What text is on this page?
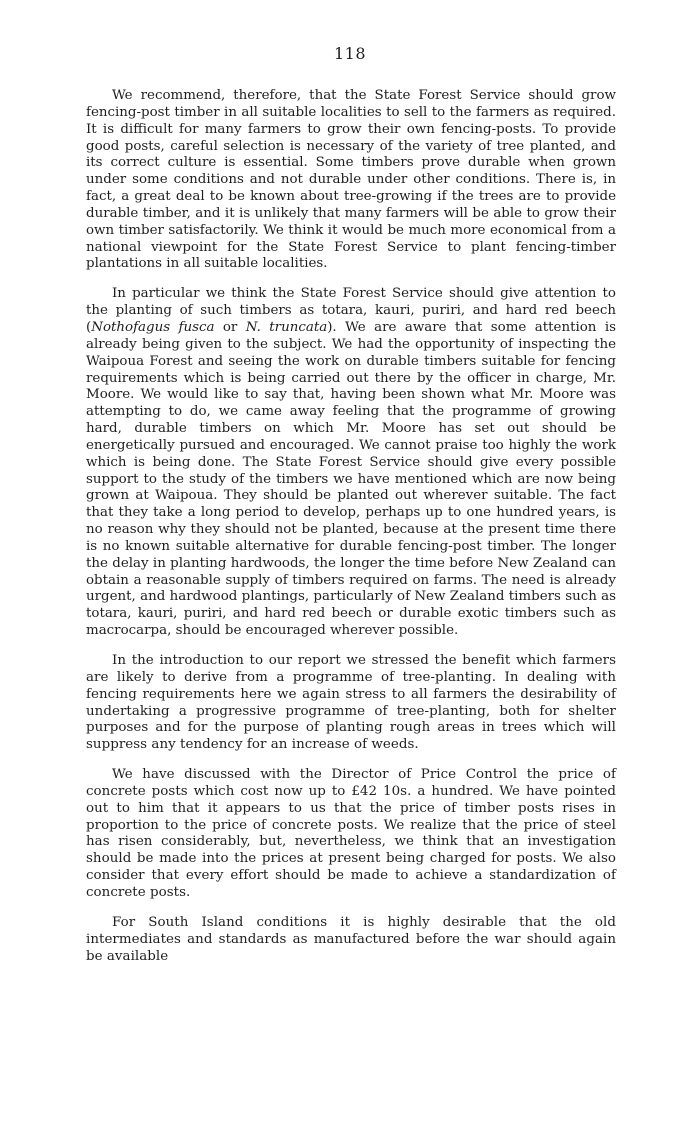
118

We recommend, therefore, that the State Forest Service should grow fencing-post timber in all suitable localities to sell to the farmers as required. It is difficult for many farmers to grow their own fencing-posts. To provide good posts, careful selection is necessary of the variety of tree planted, and its correct culture is essential. Some timbers prove durable when grown under some conditions and not durable under other conditions. There is, in fact, a great deal to be known about tree-growing if the trees are to provide durable timber, and it is unlikely that many farmers will be able to grow their own timber satisfactorily. We think it would be much more economical from a national viewpoint for the State Forest Service to plant fencing-timber plantations in all suitable localities.

In particular we think the State Forest Service should give attention to the planting of such timbers as totara, kauri, puriri, and hard red beech (Nothofagus fusca or N. truncata). We are aware that some attention is already being given to the subject. We had the opportunity of inspecting the Waipoua Forest and seeing the work on durable timbers suitable for fencing requirements which is being carried out there by the officer in charge, Mr. Moore. We would like to say that, having been shown what Mr. Moore was attempting to do, we came away feeling that the programme of growing hard, durable timbers on which Mr. Moore has set out should be energetically pursued and encouraged. We cannot praise too highly the work which is being done. The State Forest Service should give every possible support to the study of the timbers we have mentioned which are now being grown at Waipoua. They should be planted out wherever suitable. The fact that they take a long period to develop, perhaps up to one hundred years, is no reason why they should not be planted, because at the present time there is no known suitable alternative for durable fencing-post timber. The longer the delay in planting hardwoods, the longer the time before New Zealand can obtain a reasonable supply of timbers required on farms. The need is already urgent, and hardwood plantings, particularly of New Zealand timbers such as totara, kauri, puriri, and hard red beech or durable exotic timbers such as macrocarpa, should be encouraged wherever possible.

In the introduction to our report we stressed the benefit which farmers are likely to derive from a programme of tree-planting. In dealing with fencing requirements here we again stress to all farmers the desirability of undertaking a progressive programme of tree-planting, both for shelter purposes and for the purpose of planting rough areas in trees which will suppress any tendency for an increase of weeds.

We have discussed with the Director of Price Control the price of concrete posts which cost now up to £42 10s. a hundred. We have pointed out to him that it appears to us that the price of timber posts rises in proportion to the price of concrete posts. We realize that the price of steel has risen considerably, but, nevertheless, we think that an investigation should be made into the prices at present being charged for posts. We also consider that every effort should be made to achieve a standardization of concrete posts.

For South Island conditions it is highly desirable that the old intermediates and standards as manufactured before the war should again be available
